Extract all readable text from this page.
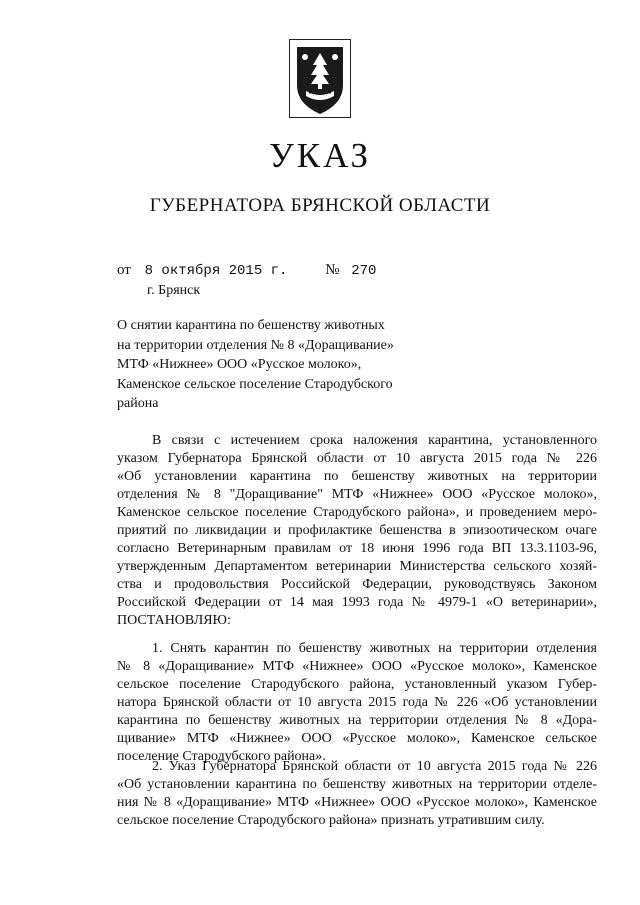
УКАЗ
ГУБЕРНАТОРА БРЯНСКОЙ ОБЛАСТИ
от 8 октября 2015 г.	№ 270
г. Брянск
О снятии карантина по бешенству животных
на территории отделения № 8 «Доращивание»
МТФ «Нижнее» ООО «Русское молоко»,
Каменское сельское поселение Стародубского
района
В связи с истечением срока наложения карантина, установленного
указом Губернатора Брянской области от 10 августа 2015 года № 226
«Об установлении карантина по бешенству животных на территории
отделения № 8 "Доращивание" МТФ «Нижнее» ООО «Русское молоко»,
Каменское сельское поселение Стародубского района», и проведением меро-
приятий по ликвидации и профилактике бешенства в эпизоотическом очаге
согласно Ветеринарным правилам от 18 июня 1996 года ВП 13.3.1103-96,
утвержденным Департаментом ветеринарии Министерства сельского хозяй-
ства и продовольствия Российской Федерации, руководствуясь Законом
Российской Федерации от 14 мая 1993 года № 4979-1 «О ветеринарии»,
ПОСТАНОВЛЯЮ:
1. Снять карантин по бешенству животных на территории отделения
№ 8 «Доращивание» МТФ «Нижнее» ООО «Русское молоко», Каменское
сельское поселение Стародубского района, установленный указом Губер-
натора Брянской области от 10 августа 2015 года № 226 «Об установлении
карантина по бешенству животных на территории отделения № 8 «Дора-
щивание» МТФ «Нижнее» ООО «Русское молоко», Каменское сельское
поселение Стародубского района».
2. Указ Губернатора Брянской области от 10 августа 2015 года № 226
«Об установлении карантина по бешенству животных на территории отделе-
ния № 8 «Доращивание» МТФ «Нижнее» ООО «Русское молоко», Каменское
сельское поселение Стародубского района» признать утратившим силу.
